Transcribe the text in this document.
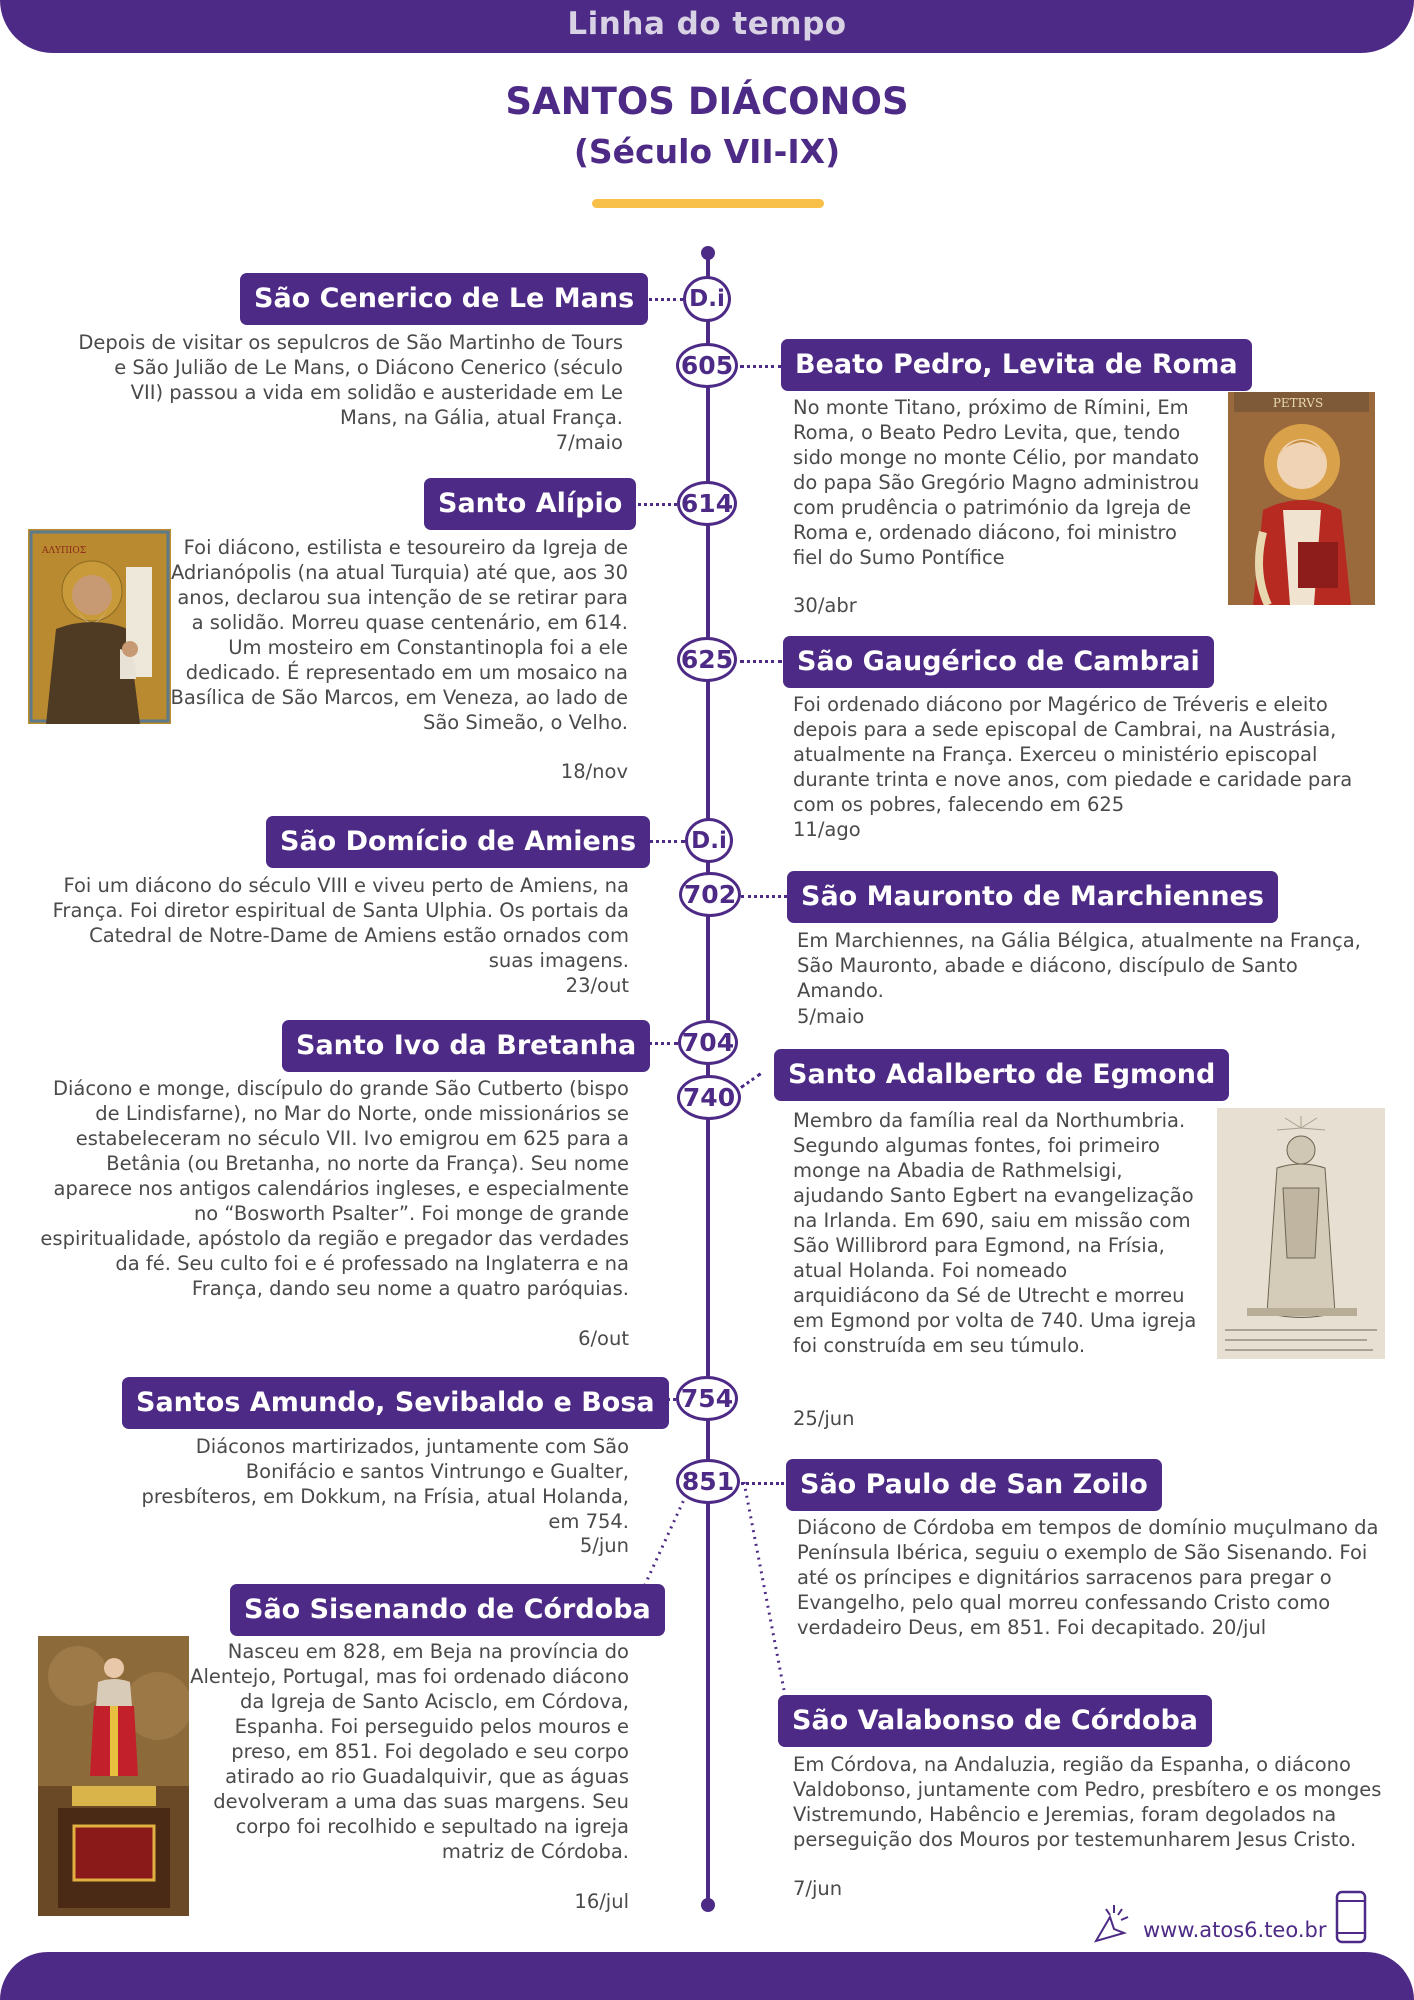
Linha do tempo
SANTOS DIÁCONOS
(Século VII-IX)
D.i
605
614
625
D.i
702
704
740
754
851
São Cenerico de Le Mans

Depois de visitar os sepulcros de São Martinho de Tours e São Julião de Le Mans, o Diácono Cenerico (século VII) passou a vida em solidão e austeridade em Le Mans, na Gália, atual França.

7/maio
Beato Pedro, Levita de Roma

No monte Titano, próximo de Rímini, Em Roma, o Beato Pedro Levita, que, tendo sido monge no monte Célio, por mandato do papa São Gregório Magno administrou com prudência o património da Igreja de Roma e, ordenado diácono, foi ministro fiel do Sumo Pontífice

30/abr
PETRVS
Santo Alípio

Foi diácono, estilista e tesoureiro da Igreja de Adrianópolis (na atual Turquia) até que, aos 30 anos, declarou sua intenção de se retirar para a solidão. Morreu quase centenário, em 614. Um mosteiro em Constantinopla foi a ele dedicado. É representado em um mosaico na Basílica de São Marcos, em Veneza, ao lado de São Simeão, o Velho.

18/nov
ΑΛΥΠΙΟΣ
São Gaugérico de Cambrai

Foi ordenado diácono por Magérico de Tréveris e eleito depois para a sede episcopal de Cambrai, na Austrásia, atualmente na França. Exerceu o ministério episcopal durante trinta e nove anos, com piedade e caridade para com os pobres, falecendo em 625

11/ago
São Domício de Amiens

Foi um diácono do século VIII e viveu perto de Amiens, na França. Foi diretor espiritual de Santa Ulphia. Os portais da Catedral de Notre-Dame de Amiens estão ornados com suas imagens.

23/out
São Mauronto de Marchiennes

Em Marchiennes, na Gália Bélgica, atualmente na França, São Mauronto, abade e diácono, discípulo de Santo Amando.

5/maio
Santo Ivo da Bretanha

Diácono e monge, discípulo do grande São Cutberto (bispo de Lindisfarne), no Mar do Norte, onde missionários se estabeleceram no século VII. Ivo emigrou em 625 para a Betânia (ou Bretanha, no norte da França). Seu nome aparece nos antigos calendários ingleses, e especialmente no “Bosworth Psalter”. Foi monge de grande espiritualidade, apóstolo da região e pregador das verdades da fé. Seu culto foi e é professado na Inglaterra e na França, dando seu nome a quatro paróquias.

6/out
Santo Adalberto de Egmond

Membro da família real da Northumbria. Segundo algumas fontes, foi primeiro monge na Abadia de Rathmelsigi, ajudando Santo Egbert na evangelização na Irlanda. Em 690, saiu em missão com São Willibrord para Egmond, na Frísia, atual Holanda. Foi nomeado arquidiácono da Sé de Utrecht e morreu em Egmond por volta de 740. Uma igreja foi construída em seu túmulo.

25/jun
Santos Amundo, Sevibaldo e Bosa

Diáconos martirizados, juntamente com São Bonifácio e santos Vintrungo e Gualter, presbíteros, em Dokkum, na Frísia, atual Holanda, em 754.

5/jun
São Paulo de San Zoilo

Diácono de Córdoba em tempos de domínio muçulmano da Península Ibérica, seguiu o exemplo de São Sisenando. Foi até os príncipes e dignitários sarracenos para pregar o Evangelho, pelo qual morreu confessando Cristo como verdadeiro Deus, em 851. Foi decapitado. 20/jul

São Sisenando de Córdoba

Nasceu em 828, em Beja na província do Alentejo, Portugal, mas foi ordenado diácono da Igreja de Santo Acisclo, em Córdova, Espanha. Foi perseguido pelos mouros e preso, em 851. Foi degolado e seu corpo atirado ao rio Guadalquivir, que as águas devolveram a uma das suas margens. Seu corpo foi recolhido e sepultado na igreja matriz de Córdoba.

16/jul
São Valabonso de Córdoba

Em Córdova, na Andaluzia, região da Espanha, o diácono Valdobonso, juntamente com Pedro, presbítero e os monges Vistremundo, Habêncio e Jeremias, foram degolados na perseguição dos Mouros por testemunharem Jesus Cristo.

7/jun
www.atos6.teo.br
